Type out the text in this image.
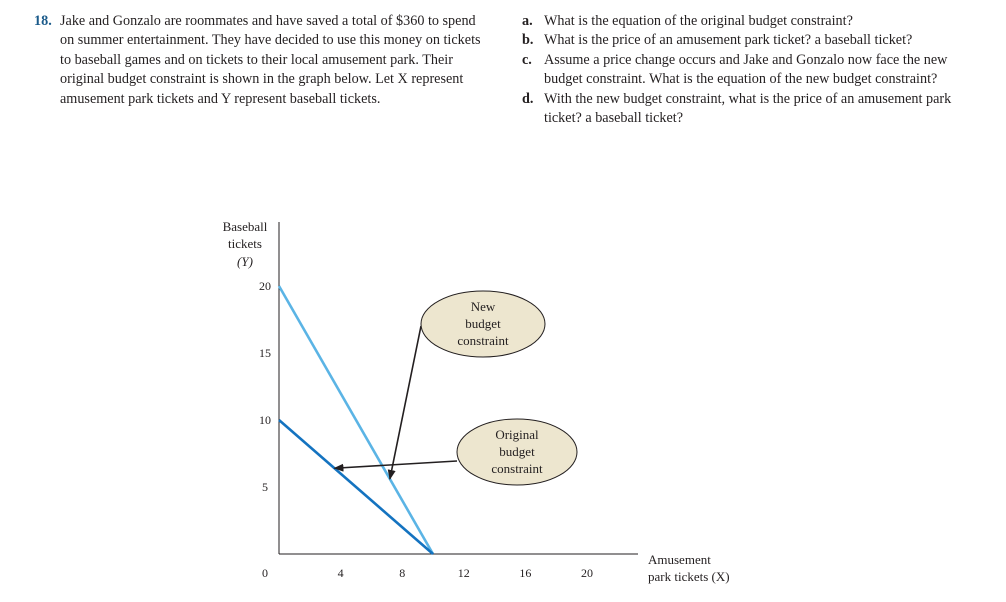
18. Jake and Gonzalo are roommates and have saved a total of $360 to spend on summer entertainment. They have decided to use this money on tickets to baseball games and on tickets to their local amusement park. Their original budget constraint is shown in the graph below. Let X represent amusement park tickets and Y represent baseball tickets.
a. What is the equation of the original budget constraint?
b. What is the price of an amusement park ticket? a baseball ticket?
c. Assume a price change occurs and Jake and Gonzalo now face the new budget constraint. What is the equation of the new budget constraint?
d. With the new budget constraint, what is the price of an amusement park ticket? a baseball ticket?
Baseball
tickets
(Y)
Amusement
park tickets (X)
0
5
10
15
20
4	8	12	16	20
New
budget
constraint
Original
budget
constraint
